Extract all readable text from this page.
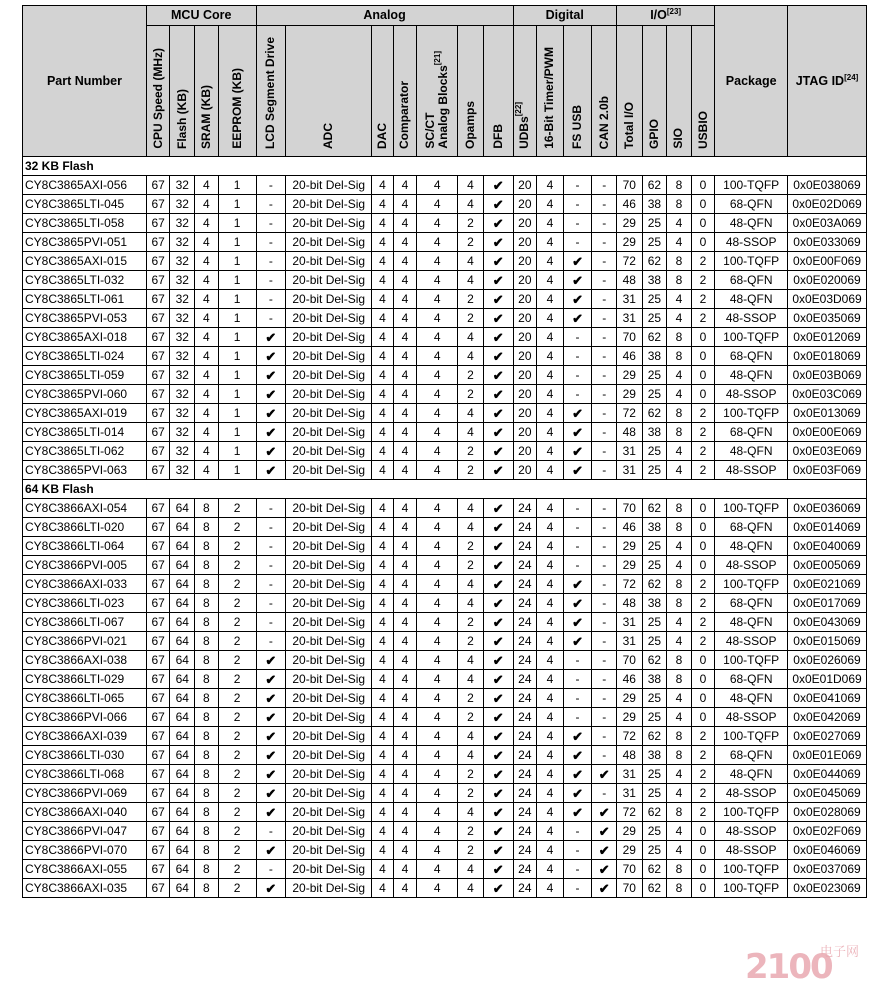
Part Number	MCU Core				Analog							Digital				I/O[23]				Package	JTAG ID[24]
	CPU Speed (MHz)	Flash (KB)	SRAM (KB)	EEPROM (KB)	LCD Segment Drive	ADC	DAC	Comparator	SC/CT
Analog Blocks[21]	Opamps	DFB	UDBs[22]	16-Bit Timer/PWM	FS USB	CAN 2.0b	Total I/O	GPIO	SIO	USBIO		
32 KB Flash																					
CY8C3865AXI-056	67	32	4	1	-	20-bit Del-Sig	4	4	4	4	✔	20	4	-	-	70	62	8	0	100-TQFP	0x0E038069
CY8C3865LTI-045	67	32	4	1	-	20-bit Del-Sig	4	4	4	4	✔	20	4	-	-	46	38	8	0	68-QFN	0x0E02D069
CY8C3865LTI-058	67	32	4	1	-	20-bit Del-Sig	4	4	4	2	✔	20	4	-	-	29	25	4	0	48-QFN	0x0E03A069
CY8C3865PVI-051	67	32	4	1	-	20-bit Del-Sig	4	4	4	2	✔	20	4	-	-	29	25	4	0	48-SSOP	0x0E033069
CY8C3865AXI-015	67	32	4	1	-	20-bit Del-Sig	4	4	4	4	✔	20	4	✔	-	72	62	8	2	100-TQFP	0x0E00F069
CY8C3865LTI-032	67	32	4	1	-	20-bit Del-Sig	4	4	4	4	✔	20	4	✔	-	48	38	8	2	68-QFN	0x0E020069
CY8C3865LTI-061	67	32	4	1	-	20-bit Del-Sig	4	4	4	2	✔	20	4	✔	-	31	25	4	2	48-QFN	0x0E03D069
CY8C3865PVI-053	67	32	4	1	-	20-bit Del-Sig	4	4	4	2	✔	20	4	✔	-	31	25	4	2	48-SSOP	0x0E035069
CY8C3865AXI-018	67	32	4	1	✔	20-bit Del-Sig	4	4	4	4	✔	20	4	-	-	70	62	8	0	100-TQFP	0x0E012069
CY8C3865LTI-024	67	32	4	1	✔	20-bit Del-Sig	4	4	4	4	✔	20	4	-	-	46	38	8	0	68-QFN	0x0E018069
CY8C3865LTI-059	67	32	4	1	✔	20-bit Del-Sig	4	4	4	2	✔	20	4	-	-	29	25	4	0	48-QFN	0x0E03B069
CY8C3865PVI-060	67	32	4	1	✔	20-bit Del-Sig	4	4	4	2	✔	20	4	-	-	29	25	4	0	48-SSOP	0x0E03C069
CY8C3865AXI-019	67	32	4	1	✔	20-bit Del-Sig	4	4	4	4	✔	20	4	✔	-	72	62	8	2	100-TQFP	0x0E013069
CY8C3865LTI-014	67	32	4	1	✔	20-bit Del-Sig	4	4	4	4	✔	20	4	✔	-	48	38	8	2	68-QFN	0x0E00E069
CY8C3865LTI-062	67	32	4	1	✔	20-bit Del-Sig	4	4	4	2	✔	20	4	✔	-	31	25	4	2	48-QFN	0x0E03E069
CY8C3865PVI-063	67	32	4	1	✔	20-bit Del-Sig	4	4	4	2	✔	20	4	✔	-	31	25	4	2	48-SSOP	0x0E03F069
64 KB Flash																					
CY8C3866AXI-054	67	64	8	2	-	20-bit Del-Sig	4	4	4	4	✔	24	4	-	-	70	62	8	0	100-TQFP	0x0E036069
CY8C3866LTI-020	67	64	8	2	-	20-bit Del-Sig	4	4	4	4	✔	24	4	-	-	46	38	8	0	68-QFN	0x0E014069
CY8C3866LTI-064	67	64	8	2	-	20-bit Del-Sig	4	4	4	2	✔	24	4	-	-	29	25	4	0	48-QFN	0x0E040069
CY8C3866PVI-005	67	64	8	2	-	20-bit Del-Sig	4	4	4	2	✔	24	4	-	-	29	25	4	0	48-SSOP	0x0E005069
CY8C3866AXI-033	67	64	8	2	-	20-bit Del-Sig	4	4	4	4	✔	24	4	✔	-	72	62	8	2	100-TQFP	0x0E021069
CY8C3866LTI-023	67	64	8	2	-	20-bit Del-Sig	4	4	4	4	✔	24	4	✔	-	48	38	8	2	68-QFN	0x0E017069
CY8C3866LTI-067	67	64	8	2	-	20-bit Del-Sig	4	4	4	2	✔	24	4	✔	-	31	25	4	2	48-QFN	0x0E043069
CY8C3866PVI-021	67	64	8	2	-	20-bit Del-Sig	4	4	4	2	✔	24	4	✔	-	31	25	4	2	48-SSOP	0x0E015069
CY8C3866AXI-038	67	64	8	2	✔	20-bit Del-Sig	4	4	4	4	✔	24	4	-	-	70	62	8	0	100-TQFP	0x0E026069
CY8C3866LTI-029	67	64	8	2	✔	20-bit Del-Sig	4	4	4	4	✔	24	4	-	-	46	38	8	0	68-QFN	0x0E01D069
CY8C3866LTI-065	67	64	8	2	✔	20-bit Del-Sig	4	4	4	2	✔	24	4	-	-	29	25	4	0	48-QFN	0x0E041069
CY8C3866PVI-066	67	64	8	2	✔	20-bit Del-Sig	4	4	4	2	✔	24	4	-	-	29	25	4	0	48-SSOP	0x0E042069
CY8C3866AXI-039	67	64	8	2	✔	20-bit Del-Sig	4	4	4	4	✔	24	4	✔	-	72	62	8	2	100-TQFP	0x0E027069
CY8C3866LTI-030	67	64	8	2	✔	20-bit Del-Sig	4	4	4	4	✔	24	4	✔	-	48	38	8	2	68-QFN	0x0E01E069
CY8C3866LTI-068	67	64	8	2	✔	20-bit Del-Sig	4	4	4	2	✔	24	4	✔	✔	31	25	4	2	48-QFN	0x0E044069
CY8C3866PVI-069	67	64	8	2	✔	20-bit Del-Sig	4	4	4	2	✔	24	4	✔	-	31	25	4	2	48-SSOP	0x0E045069
CY8C3866AXI-040	67	64	8	2	✔	20-bit Del-Sig	4	4	4	4	✔	24	4	✔	✔	72	62	8	2	100-TQFP	0x0E028069
CY8C3866PVI-047	67	64	8	2	-	20-bit Del-Sig	4	4	4	2	✔	24	4	-	✔	29	25	4	0	48-SSOP	0x0E02F069
CY8C3866PVI-070	67	64	8	2	✔	20-bit Del-Sig	4	4	4	2	✔	24	4	-	✔	29	25	4	0	48-SSOP	0x0E046069
CY8C3866AXI-055	67	64	8	2	-	20-bit Del-Sig	4	4	4	4	✔	24	4	-	✔	70	62	8	0	100-TQFP	0x0E037069
CY8C3866AXI-035	67	64	8	2	✔	20-bit Del-Sig	4	4	4	4	✔	24	4	-	✔	70	62	8	0	100-TQFP	0x0E023069
2100
电子网
